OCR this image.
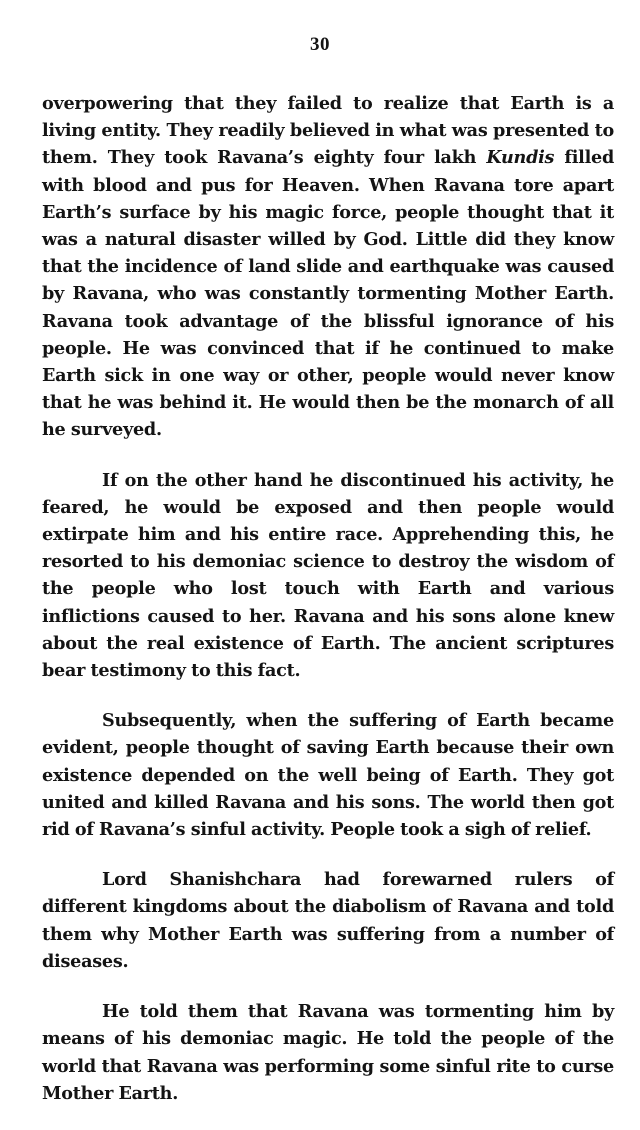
30

overpowering that they failed to realize that Earth is a living entity. They readily believed in what was presented to them. They took Ravana’s eighty four lakh Kundis filled with blood and pus for Heaven. When Ravana tore apart Earth’s surface by his magic force, people thought that it was a natural disaster willed by God. Little did they know that the incidence of land slide and earthquake was caused by Ravana, who was constantly tormenting Mother Earth. Ravana took advantage of the blissful ignorance of his people. He was convinced that if he continued to make Earth sick in one way or other, people would never know that he was behind it. He would then be the monarch of all he surveyed.

If on the other hand he discontinued his activity, he feared, he would be exposed and then people would extirpate him and his entire race. Apprehending this, he resorted to his demoniac science to destroy the wisdom of the people who lost touch with Earth and various inflictions caused to her. Ravana and his sons alone knew about the real existence of Earth. The ancient scriptures bear testimony to this fact.

Subsequently, when the suffering of Earth became evident, people thought of saving Earth because their own existence depended on the well being of Earth. They got united and killed Ravana and his sons. The world then got rid of Ravana’s sinful activity. People took a sigh of relief.

Lord Shanishchara had forewarned rulers of different kingdoms about the diabolism of Ravana and told them why Mother Earth was suffering from a number of diseases.

He told them that Ravana was tormenting him by means of his demoniac magic. He told the people of the world that Ravana was performing some sinful rite to curse Mother Earth.
